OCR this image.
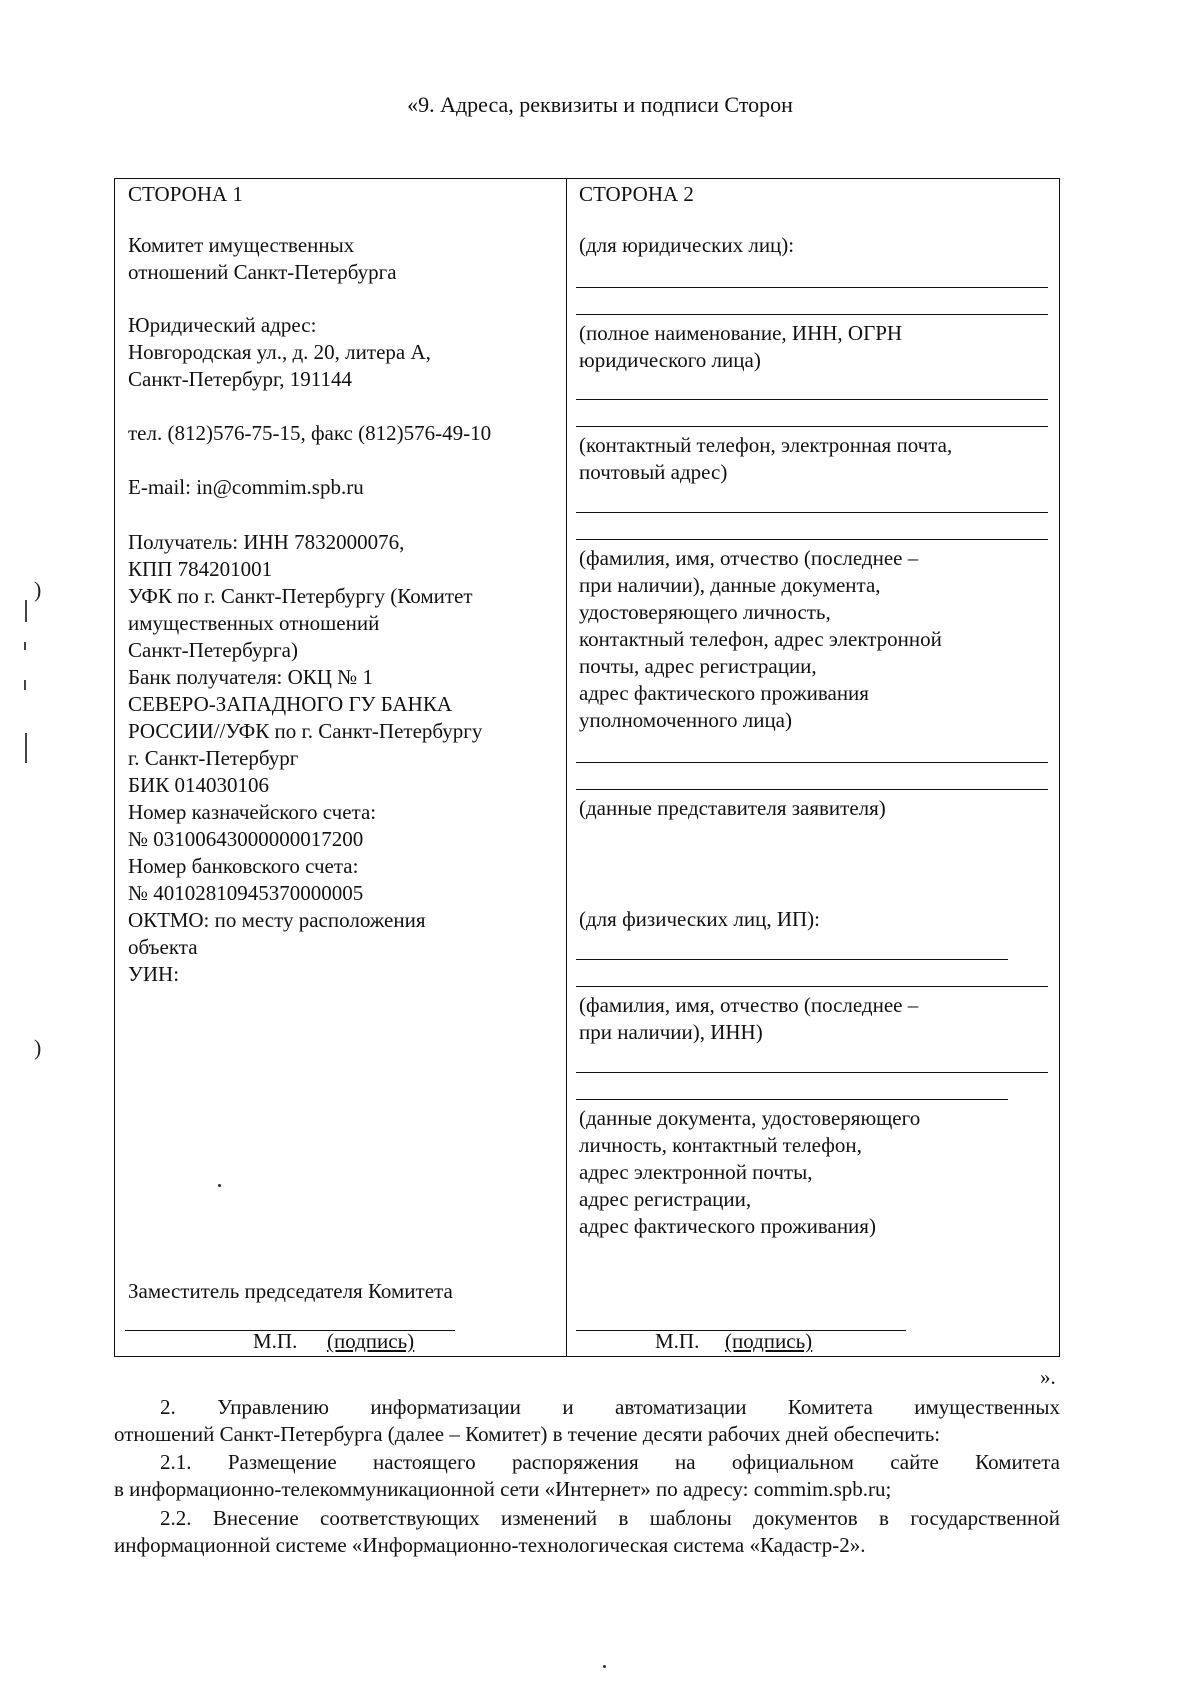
«9. Адреса, реквизиты и подписи Сторон
СТОРОНА 1
Комитет имущественных
отношений Санкт-Петербурга
Юридический адрес:
Новгородская ул., д. 20, литера А,
Санкт-Петербург, 191144
тел. (812)576-75-15, факс (812)576-49-10
E-mail: in@commim.spb.ru
Получатель: ИНН 7832000076,
КПП 784201001
УФК по г. Санкт-Петербургу (Комитет
имущественных отношений
Санкт-Петербурга)
Банк получателя: ОКЦ № 1
СЕВЕРО-ЗАПАДНОГО ГУ БАНКА
РОССИИ//УФК по г. Санкт-Петербургу
г. Санкт-Петербург
БИК 014030106
Номер казначейского счета:
№ 03100643000000017200
Номер банковского счета:
№ 40102810945370000005
ОКТМО: по месту расположения
объекта
УИН:
Заместитель председателя Комитета
М.П. (подпись)
СТОРОНА 2
(для юридических лиц):
(полное наименование, ИНН, ОГРН
юридического лица)
(контактный телефон, электронная почта,
почтовый адрес)
(фамилия, имя, отчество (последнее –
при наличии), данные документа,
удостоверяющего личность,
контактный телефон, адрес электронной
почты, адрес регистрации,
адрес фактического проживания
уполномоченного лица)
(данные представителя заявителя)
(для физических лиц, ИП):
(фамилия, имя, отчество (последнее –
при наличии), ИНН)
(данные документа, удостоверяющего
личность, контактный телефон,
адрес электронной почты,
адрес регистрации,
адрес фактического проживания)
М.П. (подпись)
».
2. Управлению информатизации и автоматизации Комитета имущественных
отношений Санкт-Петербурга (далее – Комитет) в течение десяти рабочих дней обеспечить:
2.1. Размещение настоящего распоряжения на официальном сайте Комитета
в информационно-телекоммуникационной сети «Интернет» по адресу: commim.spb.ru;
2.2. Внесение соответствующих изменений в шаблоны документов в государственной
информационной системе «Информационно-технологическая система «Кадастр-2».
)
)
